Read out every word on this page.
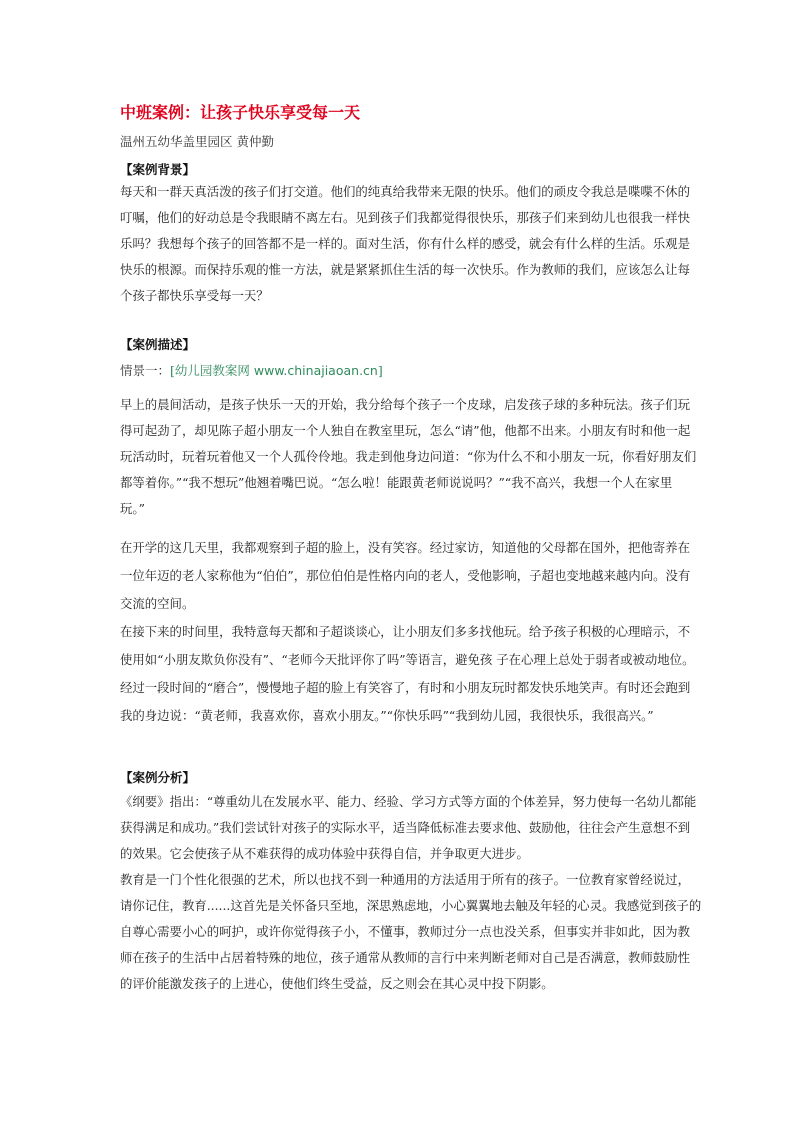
中班案例：让孩子快乐享受每一天
温州五幼华盖里园区 黄仲勤
【案例背景】
每天和一群天真活泼的孩子们打交道。他们的纯真给我带来无限的快乐。他们的顽皮令我总是喋喋不休的
叮嘱，他们的好动总是令我眼睛不离左右。见到孩子们我都觉得很快乐，那孩子们来到幼儿也很我一样快
乐吗？我想每个孩子的回答都不是一样的。面对生活，你有什么样的感受，就会有什么样的生活。乐观是
快乐的根源。而保持乐观的惟一方法，就是紧紧抓住生活的每一次快乐。作为教师的我们，应该怎么让每
个孩子都快乐享受每一天？
【案例描述】
情景一：[幼儿园教案网 www.chinajiaoan.cn]
早上的晨间活动，是孩子快乐一天的开始，我分给每个孩子一个皮球，启发孩子球的多种玩法。孩子们玩
得可起劲了，却见陈子超小朋友一个人独自在教室里玩，怎么“请”他，他都不出来。小朋友有时和他一起
玩活动时，玩着玩着他又一个人孤伶伶地。我走到他身边问道：“你为什么不和小朋友一玩，你看好朋友们
都等着你。”“我不想玩”他翘着嘴巴说。“怎么啦！能跟黄老师说说吗？”“我不高兴，我想一个人在家里
玩。”
在开学的这几天里，我都观察到子超的脸上，没有笑容。经过家访，知道他的父母都在国外，把他寄养在
一位年迈的老人家称他为“伯伯”，那位伯伯是性格内向的老人，受他影响，子超也变地越来越内向。没有
交流的空间。
在接下来的时间里，我特意每天都和子超谈谈心，让小朋友们多多找他玩。给予孩子积极的心理暗示，不
使用如“小朋友欺负你没有”、“老师今天批评你了吗”等语言，避免孩 子在心理上总处于弱者或被动地位。
经过一段时间的“磨合”，慢慢地子超的脸上有笑容了，有时和小朋友玩时都发快乐地笑声。有时还会跑到
我的身边说：“黄老师，我喜欢你，喜欢小朋友。”“你快乐吗”“我到幼儿园，我很快乐，我很高兴。”
【案例分析】
《纲要》指出：“尊重幼儿在发展水平、能力、经验、学习方式等方面的个体差异，努力使每一名幼儿都能
获得满足和成功。”我们尝试针对孩子的实际水平，适当降低标准去要求他、鼓励他，往往会产生意想不到
的效果。它会使孩子从不难获得的成功体验中获得自信，并争取更大进步。
教育是一门个性化很强的艺术，所以也找不到一种通用的方法适用于所有的孩子。一位教育家曾经说过，
请你记住，教育......这首先是关怀备只至地，深思熟虑地，小心翼翼地去触及年轻的心灵。我感觉到孩子的
自尊心需要小心的呵护，或许你觉得孩子小，不懂事，教师过分一点也没关系，但事实并非如此，因为教
师在孩子的生活中占居着特殊的地位，孩子通常从教师的言行中来判断老师对自己是否满意，教师鼓励性
的评价能激发孩子的上进心，使他们终生受益，反之则会在其心灵中投下阴影。
